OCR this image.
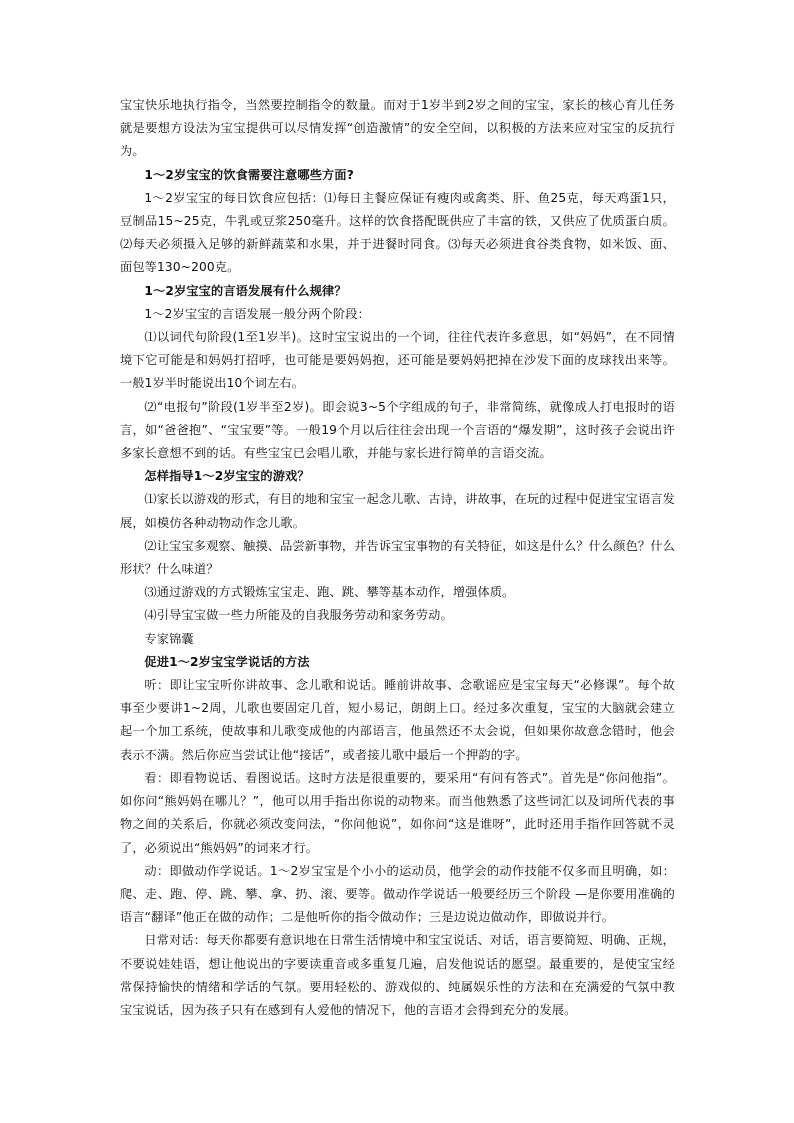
宝宝快乐地执行指令，当然要控制指令的数量。而对于1岁半到2岁之间的宝宝，家长的核心育儿任务就是要想方设法为宝宝提供可以尽情发挥“创造激情”的安全空间，以积极的方法来应对宝宝的反抗行为。

1～2岁宝宝的饮食需要注意哪些方面?

1～2岁宝宝的每日饮食应包括：⑴每日主餐应保证有瘦肉或禽类、肝、鱼25克，每天鸡蛋1只，豆制品15~25克，牛乳或豆浆250毫升。这样的饮食搭配既供应了丰富的铁，又供应了优质蛋白质。⑵每天必须摄入足够的新鲜蔬菜和水果，并于进餐时同食。⑶每天必须进食谷类食物，如米饭、面、面包等130~200克。

1～2岁宝宝的言语发展有什么规律？

1～2岁宝宝的言语发展一般分两个阶段：

⑴以词代句阶段(1至1岁半)。这时宝宝说出的一个词，往往代表许多意思，如“妈妈”，在不同情境下它可能是和妈妈打招呼，也可能是要妈妈抱，还可能是要妈妈把掉在沙发下面的皮球找出来等。一般1岁半时能说出10个词左右。

⑵“电报句”阶段(1岁半至2岁)。即会说3~5个字组成的句子，非常简练，就像成人打电报时的语言，如“爸爸抱”、“宝宝要”等。一般19个月以后往往会出现一个言语的“爆发期”，这时孩子会说出许多家长意想不到的话。有些宝宝已会唱儿歌，并能与家长进行简单的言语交流。

怎样指导1～2岁宝宝的游戏？

⑴家长以游戏的形式，有目的地和宝宝一起念儿歌、古诗，讲故事，在玩的过程中促进宝宝语言发展，如模仿各种动物动作念儿歌。

⑵让宝宝多观察、触摸、品尝新事物，并告诉宝宝事物的有关特征，如这是什么？什么颜色？什么形状？什么味道？

⑶通过游戏的方式锻炼宝宝走、跑、跳、攀等基本动作，增强体质。

⑷引导宝宝做一些力所能及的自我服务劳动和家务劳动。

专家锦囊

促进1～2岁宝宝学说话的方法

听：即让宝宝听你讲故事、念儿歌和说话。睡前讲故事、念歌谣应是宝宝每天“必修课”。每个故事至少要讲1~2周，儿歌也要固定几首，短小易记，朗朗上口。经过多次重复，宝宝的大脑就会建立起一个加工系统，使故事和儿歌变成他的内部语言，他虽然还不太会说，但如果你故意念错时，他会表示不满。然后你应当尝试让他“接话”，或者接儿歌中最后一个押韵的字。

看：即看物说话、看图说话。这时方法是很重要的，要采用“有问有答式”。首先是“你问他指”。如你问“熊妈妈在哪儿？”，他可以用手指出你说的动物来。而当他熟悉了这些词汇以及词所代表的事物之间的关系后，你就必须改变问法，“你问他说”，如你问“这是谁呀”，此时还用手指作回答就不灵了，必须说出“熊妈妈”的词来才行。

动：即做动作学说话。1～2岁宝宝是个小小的运动员，他学会的动作技能不仅多而且明确，如：爬、走、跑、停、跳、攀、拿、扔、滚、要等。做动作学说话一般要经历三个阶段 —是你要用准确的语言“翻译”他正在做的动作；二是他听你的指令做动作；三是边说边做动作，即做说并行。

日常对话：每天你都要有意识地在日常生活情境中和宝宝说话、对话，语言要简短、明确、正规，不要说娃娃语，想让他说出的字要读重音或多重复几遍，启发他说话的愿望。最重要的，是使宝宝经常保持愉快的情绪和学话的气氛。要用轻松的、游戏似的、纯属娱乐性的方法和在充满爱的气氛中教宝宝说话，因为孩子只有在感到有人爱他的情况下，他的言语才会得到充分的发展。
